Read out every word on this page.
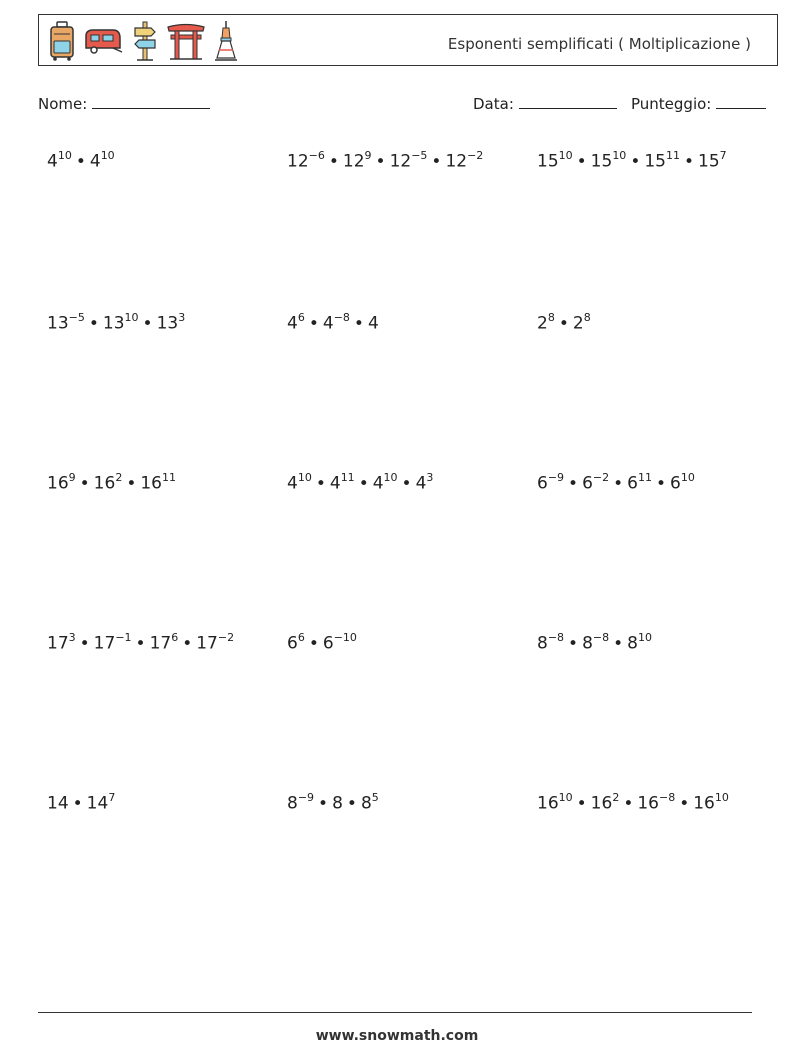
Esponenti semplificati ( Moltiplicazione )
Nome:	Data:	Punteggio:
$4^{10}$ • $4^{10}$	$12^{-6}$ • $12^9$ • $12^{-5}$ • $12^{-2}$	$15^{10}$ • $15^{10}$ • $15^{11}$ • $15^7$
$13^{-5}$ • $13^{10}$ • $13^3$	$4^6$ • $4^{-8}$ • 4	$2^8$ • $2^8$
$16^9$ • $16^2$ • $16^{11}$	$4^{10}$ • $4^{11}$ • $4^{10}$ • $4^3$	$6^{-9}$ • $6^{-2}$ • $6^{11}$ • $6^{10}$
$17^3$ • $17^{-1}$ • $17^6$ • $17^{-2}$	$6^6$ • $6^{-10}$	$8^{-8}$ • $8^{-8}$ • $8^{10}$
14 • $14^7$	$8^{-9}$ • 8 • $8^5$	$16^{10}$ • $16^2$ • $16^{-8}$ • $16^{10}$
www.snowmath.com
